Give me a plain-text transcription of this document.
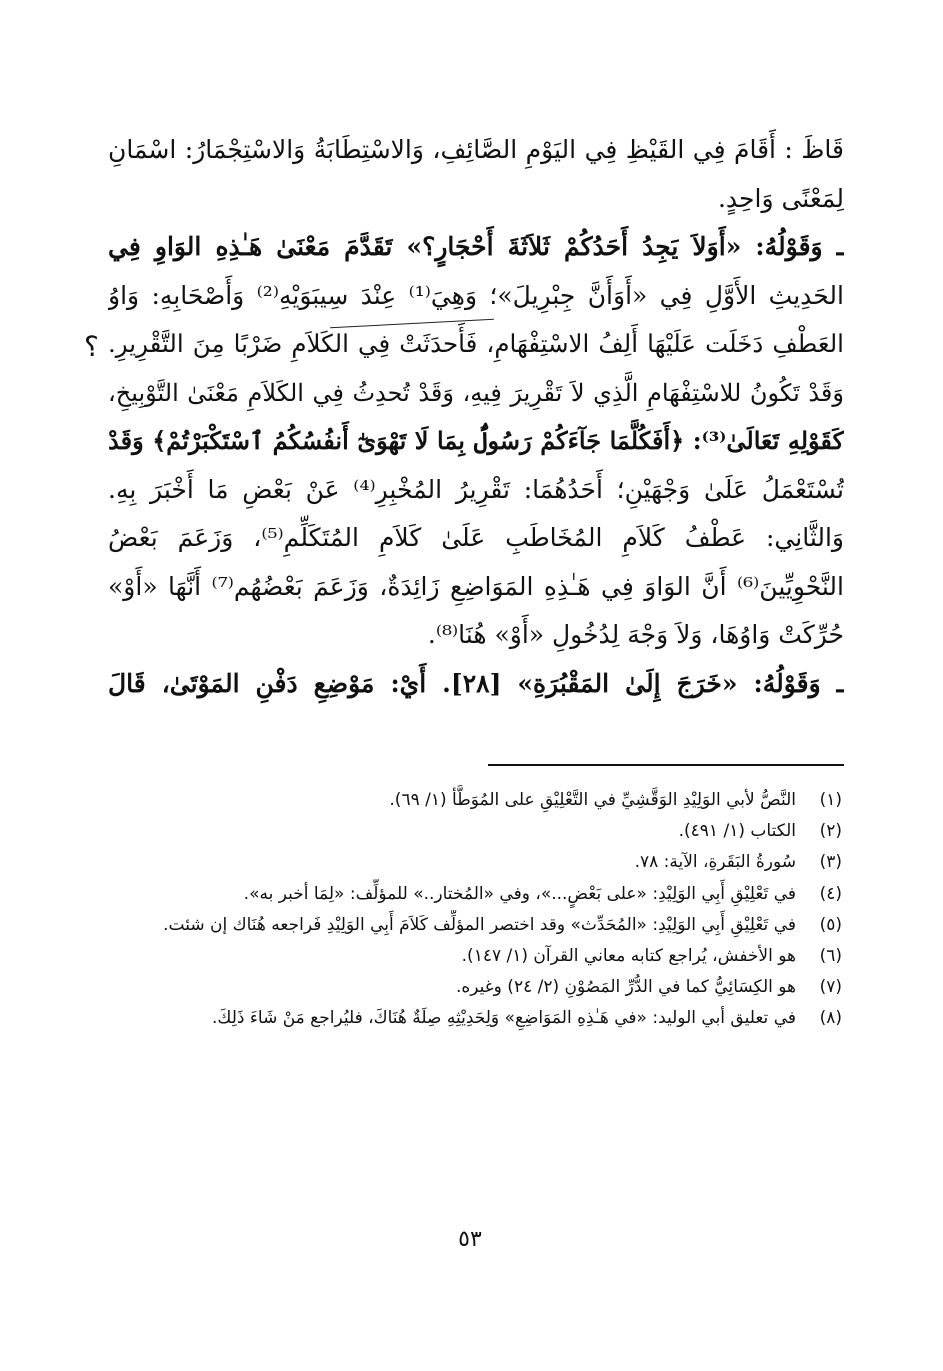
قَاظَ : أَقَامَ فِي القَيْظِ فِي اليَوْمِ الصَّائِفِ، وَالاسْتِطَابَةُ وَالاسْتِجْمَارُ: اسْمَانِ
لِمَعْنًى وَاحِدٍ.
ـ وَقَوْلُهُ: «أَوَلاَ يَجِدُ أَحَدُكُمْ ثَلاَثَةَ أَحْجَارٍ؟» تَقَدَّمَ مَعْنَىٰ هَـٰذِهِ الوَاوِ فِي
الحَدِيثِ الأَوَّلِ فِي «أَوَأَنَّ جِبْرِيلَ»؛ وَهِيَ⁽¹⁾ عِنْدَ سِيبَوَيْهِ⁽²⁾ وَأَصْحَابِهِ: وَاوُ
العَطْفِ دَخَلَت عَلَيْهَا أَلِفُ الاسْتِفْهَامِ، فَأَحدَثَتْ فِي الكَلاَمِ ضَرْبًا مِنَ التَّقْرِيرِ.
وَقَدْ تَكُونُ للاسْتِفْهَامِ الَّذِي لاَ تَقْرِيرَ فِيهِ، وَقَدْ تُحدِثُ فِي الكَلاَمِ مَعْنَىٰ التَّوْبِيخِ،
كَقَوْلِهِ تَعَالَىٰ⁽³⁾: ﴿أَفَكُلَّمَا جَآءَكُمْ رَسُولٌۢ بِمَا لَا تَهْوَىٰٓ أَنفُسُكُمُ ٱسْتَكْبَرْتُمْ﴾ وَقَدْ
تُسْتَعْمَلُ عَلَىٰ وَجْهَيْنِ؛ أَحَدُهُمَا: تَقْرِيرُ المُخْبِرِ⁽⁴⁾ عَنْ بَعْضِ مَا أَخْبَرَ بِهِ.
وَالثَّانِي: عَطْفُ كَلاَمِ المُخَاطَبِ عَلَىٰ كَلاَمِ المُتَكَلِّمِ⁽⁵⁾، وَزَعَمَ بَعْضُ
النَّحْوِيِّينَ⁽⁶⁾ أَنَّ الوَاوَ فِي هَـٰذِهِ المَوَاضِعِ زَائِدَةٌ، وَزَعَمَ بَعْضُهُم⁽⁷⁾ أَنَّهَا «أَوْ»
حُرِّكَتْ وَاوُهَا، وَلاَ وَجْهَ لِدُخُولِ «أَوْ» هُنَا⁽⁸⁾.
ـ وَقَوْلُهُ: «خَرَجَ إِلَىٰ المَقْبُرَةِ» [٢٨]. أَيْ: مَوْضِعِ دَفْنِ المَوْتَىٰ، قَالَ
؟
(١)النَّصُّ لأبي الوَلِيْدِ الوَقَّشِيِّ في التَّعْلِيْقِ على المُوَطَّأ (١/ ٦٩).
(٢)الكتاب (١/ ٤٩١).
(٣)سُورةُ البَقَرةِ، الآية: ٧٨.
(٤)في تَعْلِيْقِ أَبِي الوَلِيْدِ: «على بَعْضٍ...»، وفي «المُختار..» للمؤلِّف: «لِمَا أخبر به».
(٥)في تَعْلِيْقِ أَبِي الوَلِيْدِ: «المُحَدِّث» وقد اختصر المؤلِّف كَلاَمَ أَبِي الوَلِيْدِ فَراجعه هُنَاك إن شئت.
(٦)هو الأخفش، يُراجع كتابه معاني القرآن (١/ ١٤٧).
(٧)هو الكِسَائِيُّ كما في الدُّرِّ المَصُوْنِ (٢/ ٢٤) وغيره.
(٨)في تعليق أبي الوليد: «في هَـٰذِهِ المَوَاضِعِ» وَلِحَدِيْثِهِ صِلَةٌ هُنَاكَ، فليُراجع مَنْ شَاءَ ذَلِكَ.
٥٣
